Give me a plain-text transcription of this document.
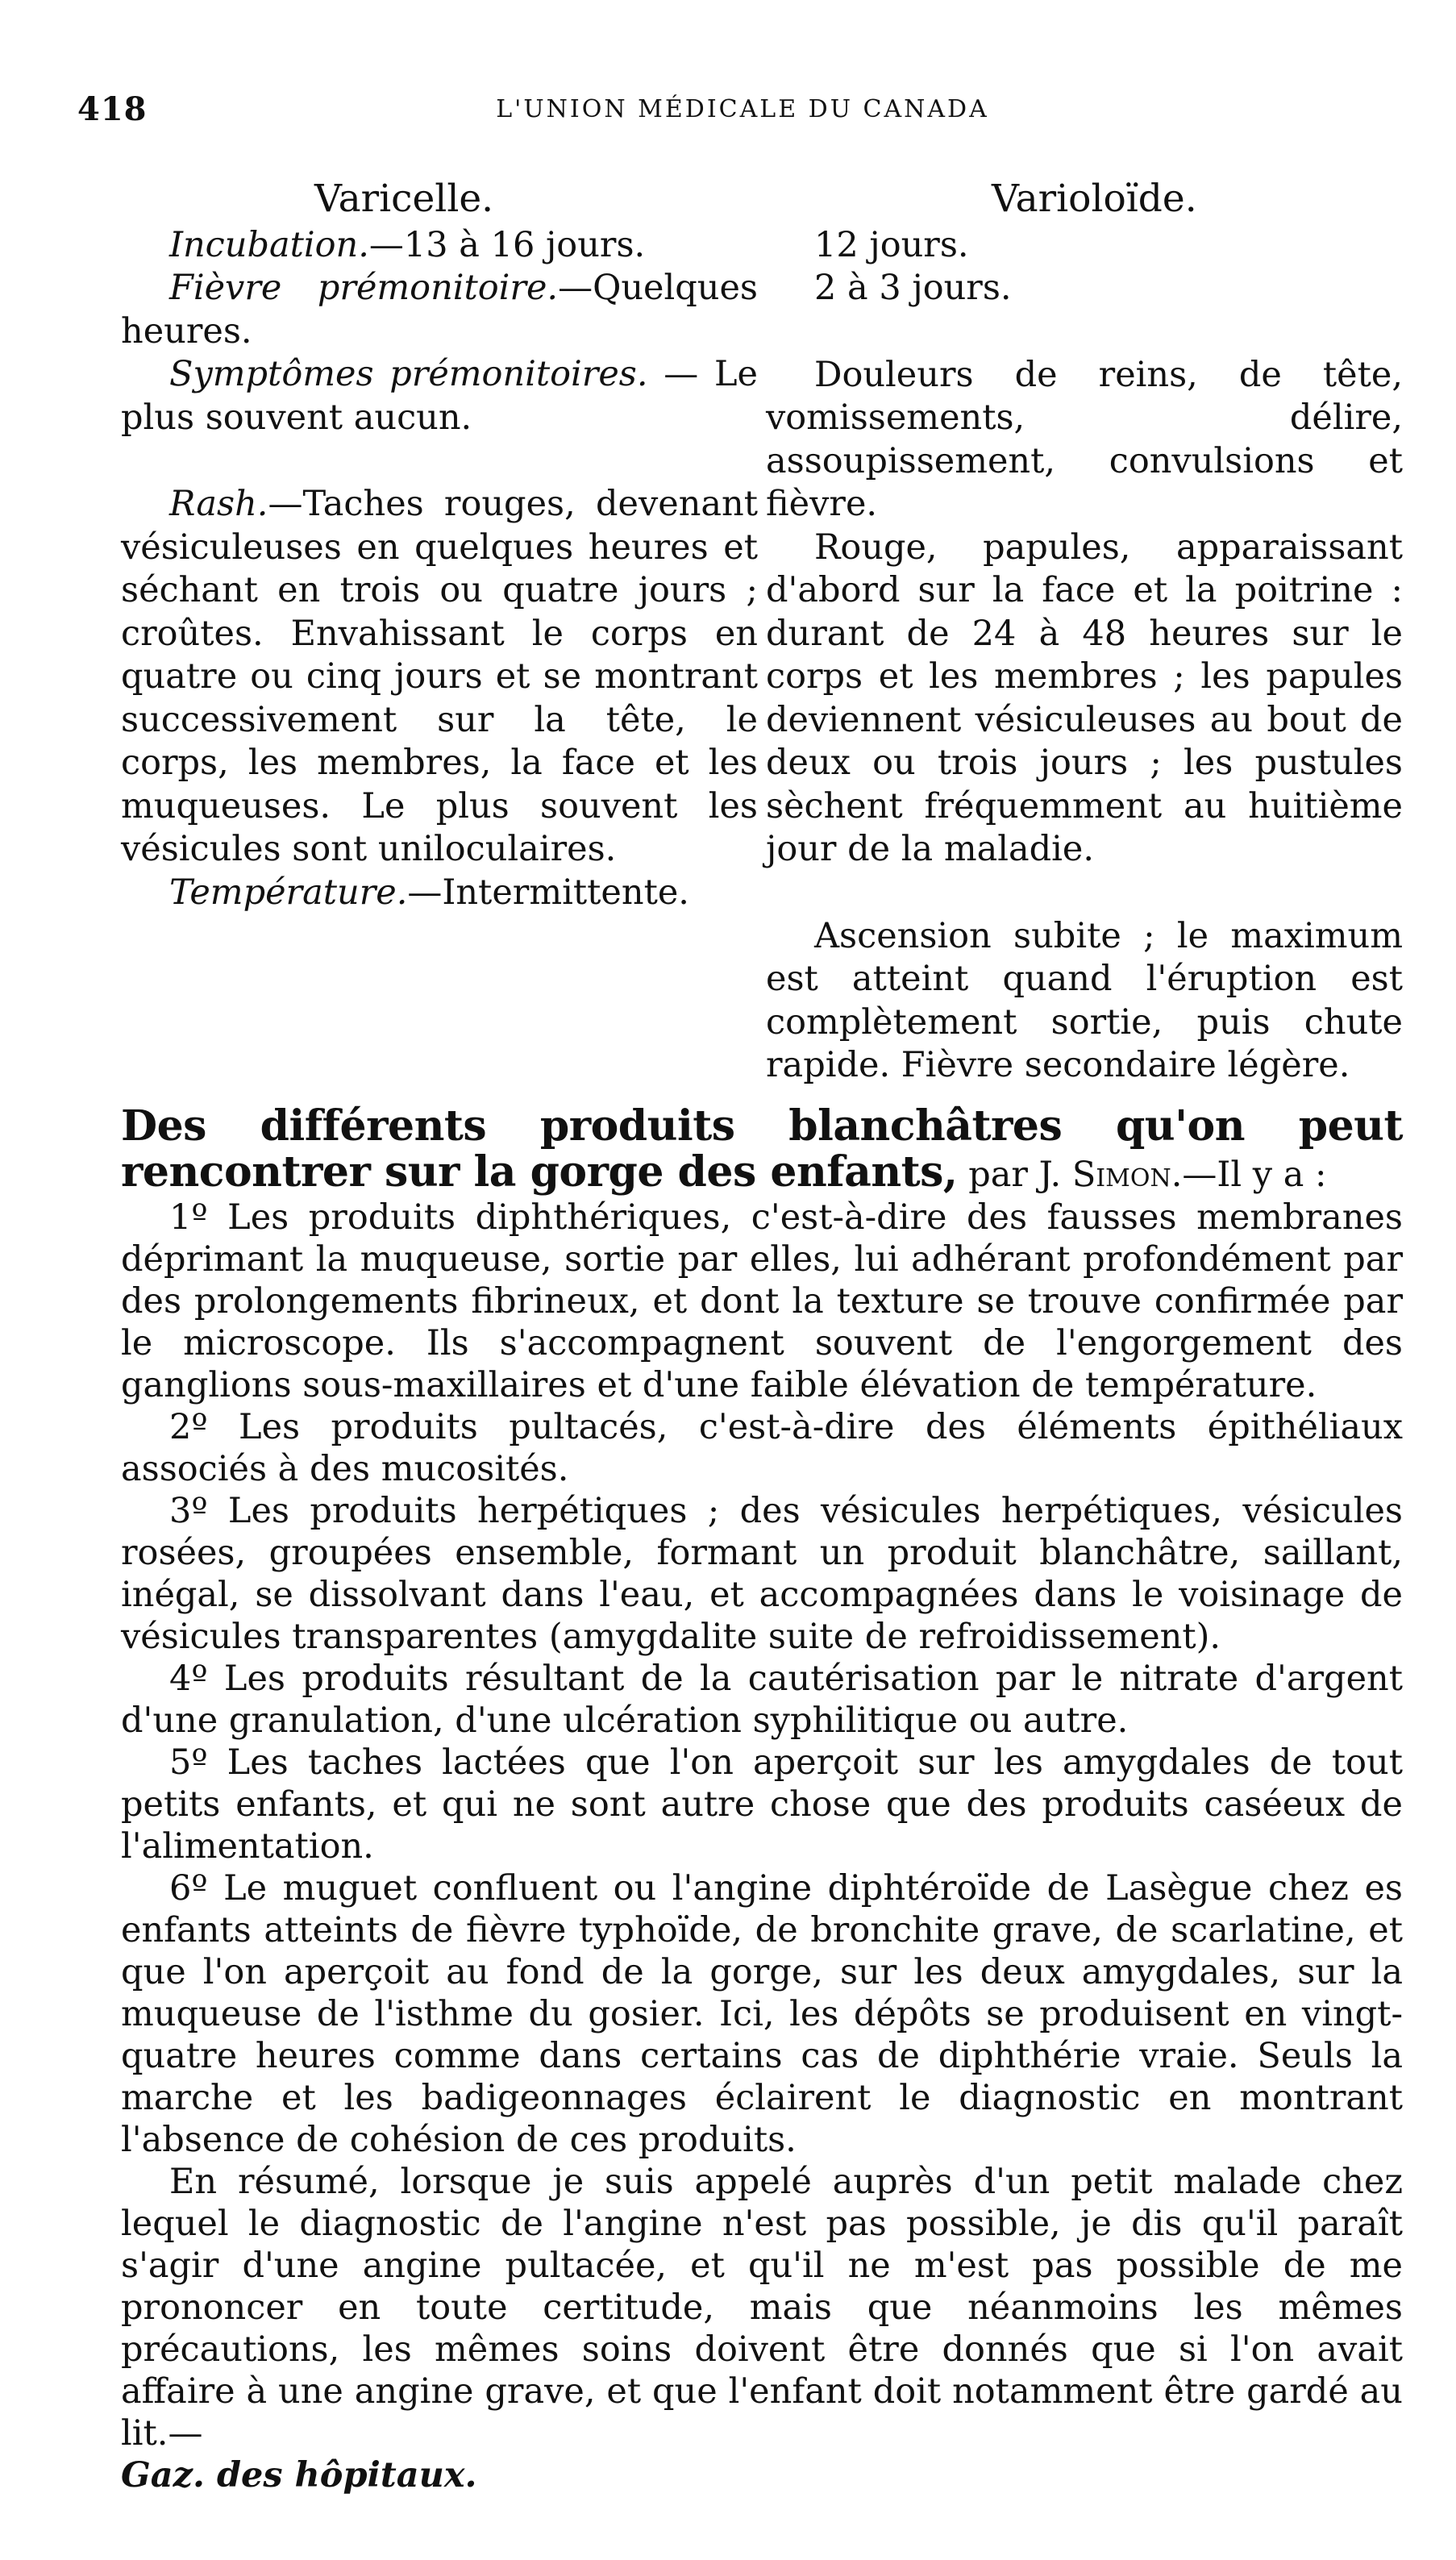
418	L'UNION MÉDICALE DU CANADA
Varicelle.

Incubation.—13 à 16 jours.

Fièvre prémonitoire.—Quelques heures.

Symptômes prémonitoires. — Le plus souvent aucun.

Rash.—Taches rouges, devenant vésiculeuses en quelques heures et séchant en trois ou quatre jours ; croûtes. Envahissant le corps en quatre ou cinq jours et se montrant successivement sur la tête, le corps, les membres, la face et les muqueuses. Le plus souvent les vésicules sont uniloculaires.

Température.—Intermittente.

Varioloïde.

12 jours.

2 à 3 jours.

Douleurs de reins, de tête, vomissements, délire, assoupissement, convulsions et fièvre.

Rouge, papules, apparaissant d'abord sur la face et la poitrine : durant de 24 à 48 heures sur le corps et les membres ; les papules deviennent vésiculeuses au bout de deux ou trois jours ; les pustules sèchent fréquemment au huitième jour de la maladie.

Ascension subite ; le maximum est atteint quand l'éruption est complètement sortie, puis chute rapide. Fièvre secondaire légère.

Des différents produits blanchâtres qu'on peut rencontrer sur la gorge des enfants, par J. Simon.—Il y a :

1º Les produits diphthériques, c'est-à-dire des fausses membranes déprimant la muqueuse, sortie par elles, lui adhérant profondément par des prolongements fibrineux, et dont la texture se trouve confirmée par le microscope. Ils s'accompagnent souvent de l'engorgement des ganglions sous-maxillaires et d'une faible élévation de température.

2º Les produits pultacés, c'est-à-dire des éléments épithéliaux associés à des mucosités.

3º Les produits herpétiques ; des vésicules herpétiques, vésicules rosées, groupées ensemble, formant un produit blanchâtre, saillant, inégal, se dissolvant dans l'eau, et accompagnées dans le voisinage de vésicules transparentes (amygdalite suite de refroidissement).

4º Les produits résultant de la cautérisation par le nitrate d'argent d'une granulation, d'une ulcération syphilitique ou autre.

5º Les taches lactées que l'on aperçoit sur les amygdales de tout petits enfants, et qui ne sont autre chose que des produits caséeux de l'alimentation.

6º Le muguet confluent ou l'angine diphtéroïde de Lasègue chez es enfants atteints de fièvre typhoïde, de bronchite grave, de scarlatine, et que l'on aperçoit au fond de la gorge, sur les deux amygdales, sur la muqueuse de l'isthme du gosier. Ici, les dépôts se produisent en vingt-quatre heures comme dans certains cas de diphthérie vraie. Seuls la marche et les badigeonnages éclairent le diagnostic en montrant l'absence de cohésion de ces produits.

En résumé, lorsque je suis appelé auprès d'un petit malade chez lequel le diagnostic de l'angine n'est pas possible, je dis qu'il paraît s'agir d'une angine pultacée, et qu'il ne m'est pas possible de me prononcer en toute certitude, mais que néanmoins les mêmes précautions, les mêmes soins doivent être donnés que si l'on avait affaire à une angine grave, et que l'enfant doit notamment être gardé au lit.—
Gaz. des hôpitaux.
